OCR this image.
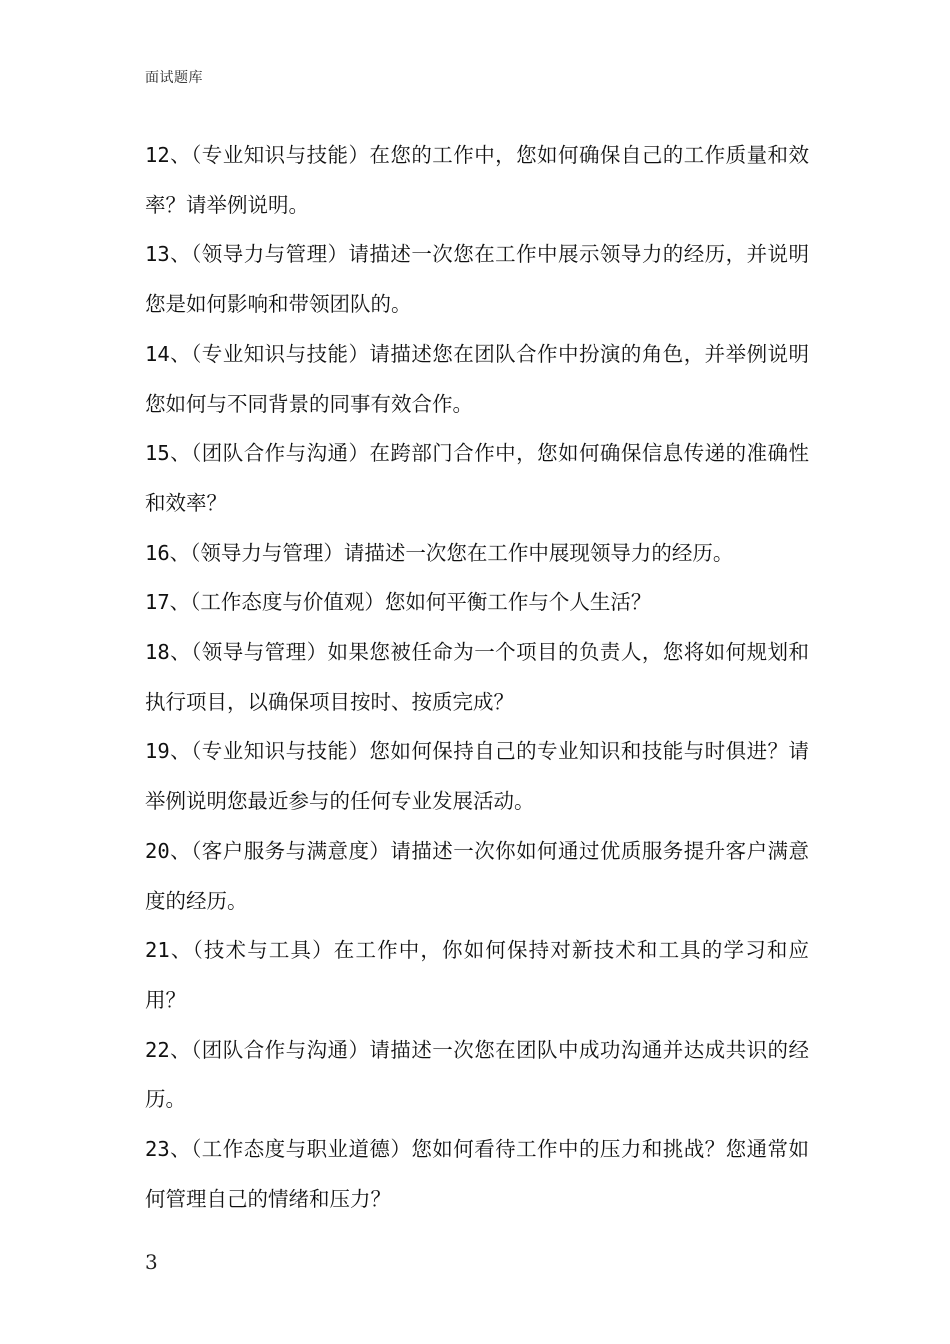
面试题库
12、（专业知识与技能）在您的工作中，您如何确保自己的工作质量和效率？请举例说明。
13、（领导力与管理）请描述一次您在工作中展示领导力的经历，并说明您是如何影响和带领团队的。
14、（专业知识与技能）请描述您在团队合作中扮演的角色，并举例说明您如何与不同背景的同事有效合作。
15、（团队合作与沟通）在跨部门合作中，您如何确保信息传递的准确性和效率？
16、（领导力与管理）请描述一次您在工作中展现领导力的经历。
17、（工作态度与价值观）您如何平衡工作与个人生活？
18、（领导与管理）如果您被任命为一个项目的负责人，您将如何规划和执行项目，以确保项目按时、按质完成？
19、（专业知识与技能）您如何保持自己的专业知识和技能与时俱进？请举例说明您最近参与的任何专业发展活动。
20、（客户服务与满意度）请描述一次你如何通过优质服务提升客户满意度的经历。
21、（技术与工具）在工作中，你如何保持对新技术和工具的学习和应用？
22、（团队合作与沟通）请描述一次您在团队中成功沟通并达成共识的经历。
23、（工作态度与职业道德）您如何看待工作中的压力和挑战？您通常如何管理自己的情绪和压力？
3
